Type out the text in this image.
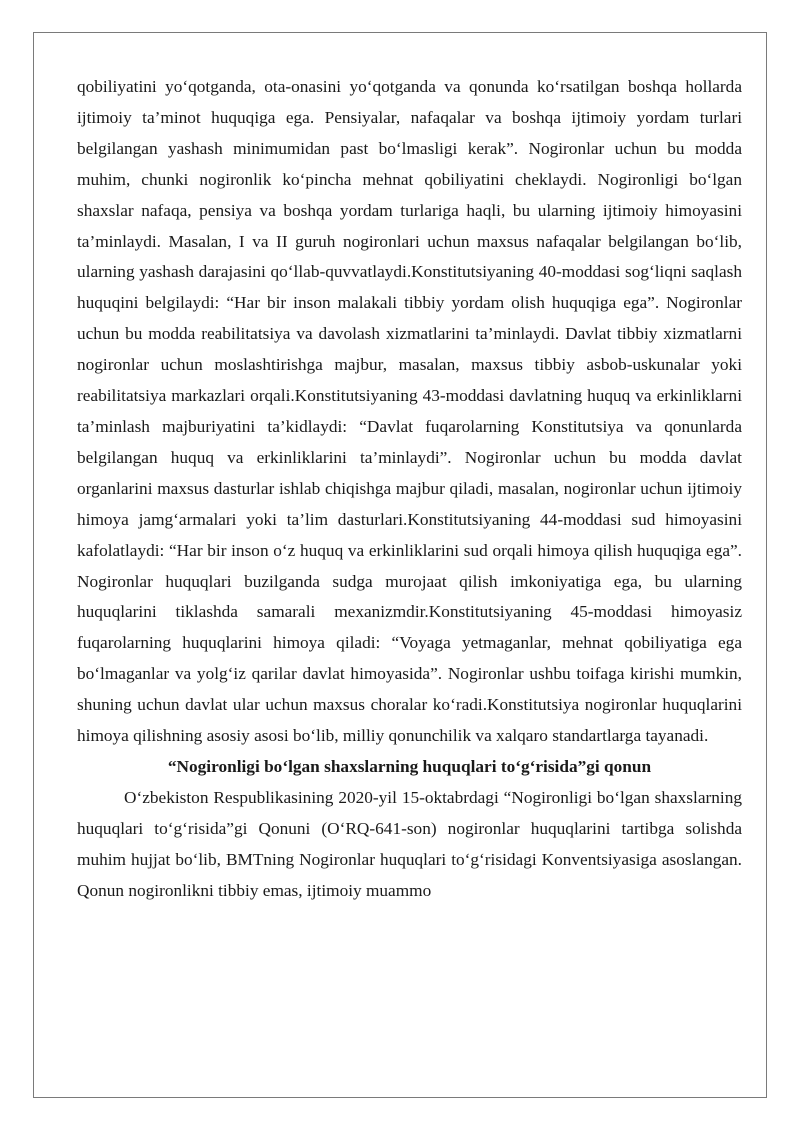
qobiliyatini yo‘qotganda, ota-onasini yo‘qotganda va qonunda ko‘rsatilgan boshqa hollarda ijtimoiy ta’minot huquqiga ega. Pensiyalar, nafaqalar va boshqa ijtimoiy yordam turlari belgilangan yashash minimumidan past bo‘lmasligi kerak”. Nogironlar uchun bu modda muhim, chunki nogironlik ko‘pincha mehnat qobiliyatini cheklaydi. Nogironligi bo‘lgan shaxslar nafaqa, pensiya va boshqa yordam turlariga haqli, bu ularning ijtimoiy himoyasini ta’minlaydi. Masalan, I va II guruh nogironlari uchun maxsus nafaqalar belgilangan bo‘lib, ularning yashash darajasini qo‘llab-quvvatlaydi.Konstitutsiyaning 40-moddasi sog‘liqni saqlash huquqini belgilaydi: “Har bir inson malakali tibbiy yordam olish huquqiga ega”. Nogironlar uchun bu modda reabilitatsiya va davolash xizmatlarini ta’minlaydi. Davlat tibbiy xizmatlarni nogironlar uchun moslashtirishga majbur, masalan, maxsus tibbiy asbob-uskunalar yoki reabilitatsiya markazlari orqali.Konstitutsiyaning 43-moddasi davlatning huquq va erkinliklarni ta’minlash majburiyatini ta’kidlaydi: “Davlat fuqarolarning Konstitutsiya va qonunlarda belgilangan huquq va erkinliklarini ta’minlaydi”. Nogironlar uchun bu modda davlat organlarini maxsus dasturlar ishlab chiqishga majbur qiladi, masalan, nogironlar uchun ijtimoiy himoya jamg‘armalari yoki ta’lim dasturlari.Konstitutsiyaning 44-moddasi sud himoyasini kafolatlaydi: “Har bir inson o‘z huquq va erkinliklarini sud orqali himoya qilish huquqiga ega”. Nogironlar huquqlari buzilganda sudga murojaat qilish imkoniyatiga ega, bu ularning huquqlarini tiklashda samarali mexanizmdir.Konstitutsiyaning 45-moddasi himoyasiz fuqarolarning huquqlarini himoya qiladi: “Voyaga yetmaganlar, mehnat qobiliyatiga ega bo‘lmaganlar va yolg‘iz qarilar davlat himoyasida”. Nogironlar ushbu toifaga kirishi mumkin, shuning uchun davlat ular uchun maxsus choralar ko‘radi.Konstitutsiya nogironlar huquqlarini himoya qilishning asosiy asosi bo‘lib, milliy qonunchilik va xalqaro standartlarga tayanadi.

“Nogironligi bo‘lgan shaxslarning huquqlari to‘g‘risida”gi qonun

O‘zbekiston Respublikasining 2020-yil 15-oktabrdagi “Nogironligi bo‘lgan shaxslarning huquqlari to‘g‘risida”gi Qonuni (O‘RQ-641-son) nogironlar huquqlarini tartibga solishda muhim hujjat bo‘lib, BMTning Nogironlar huquqlari to‘g‘risidagi Konventsiyasiga asoslangan. Qonun nogironlikni tibbiy emas, ijtimoiy muammo
